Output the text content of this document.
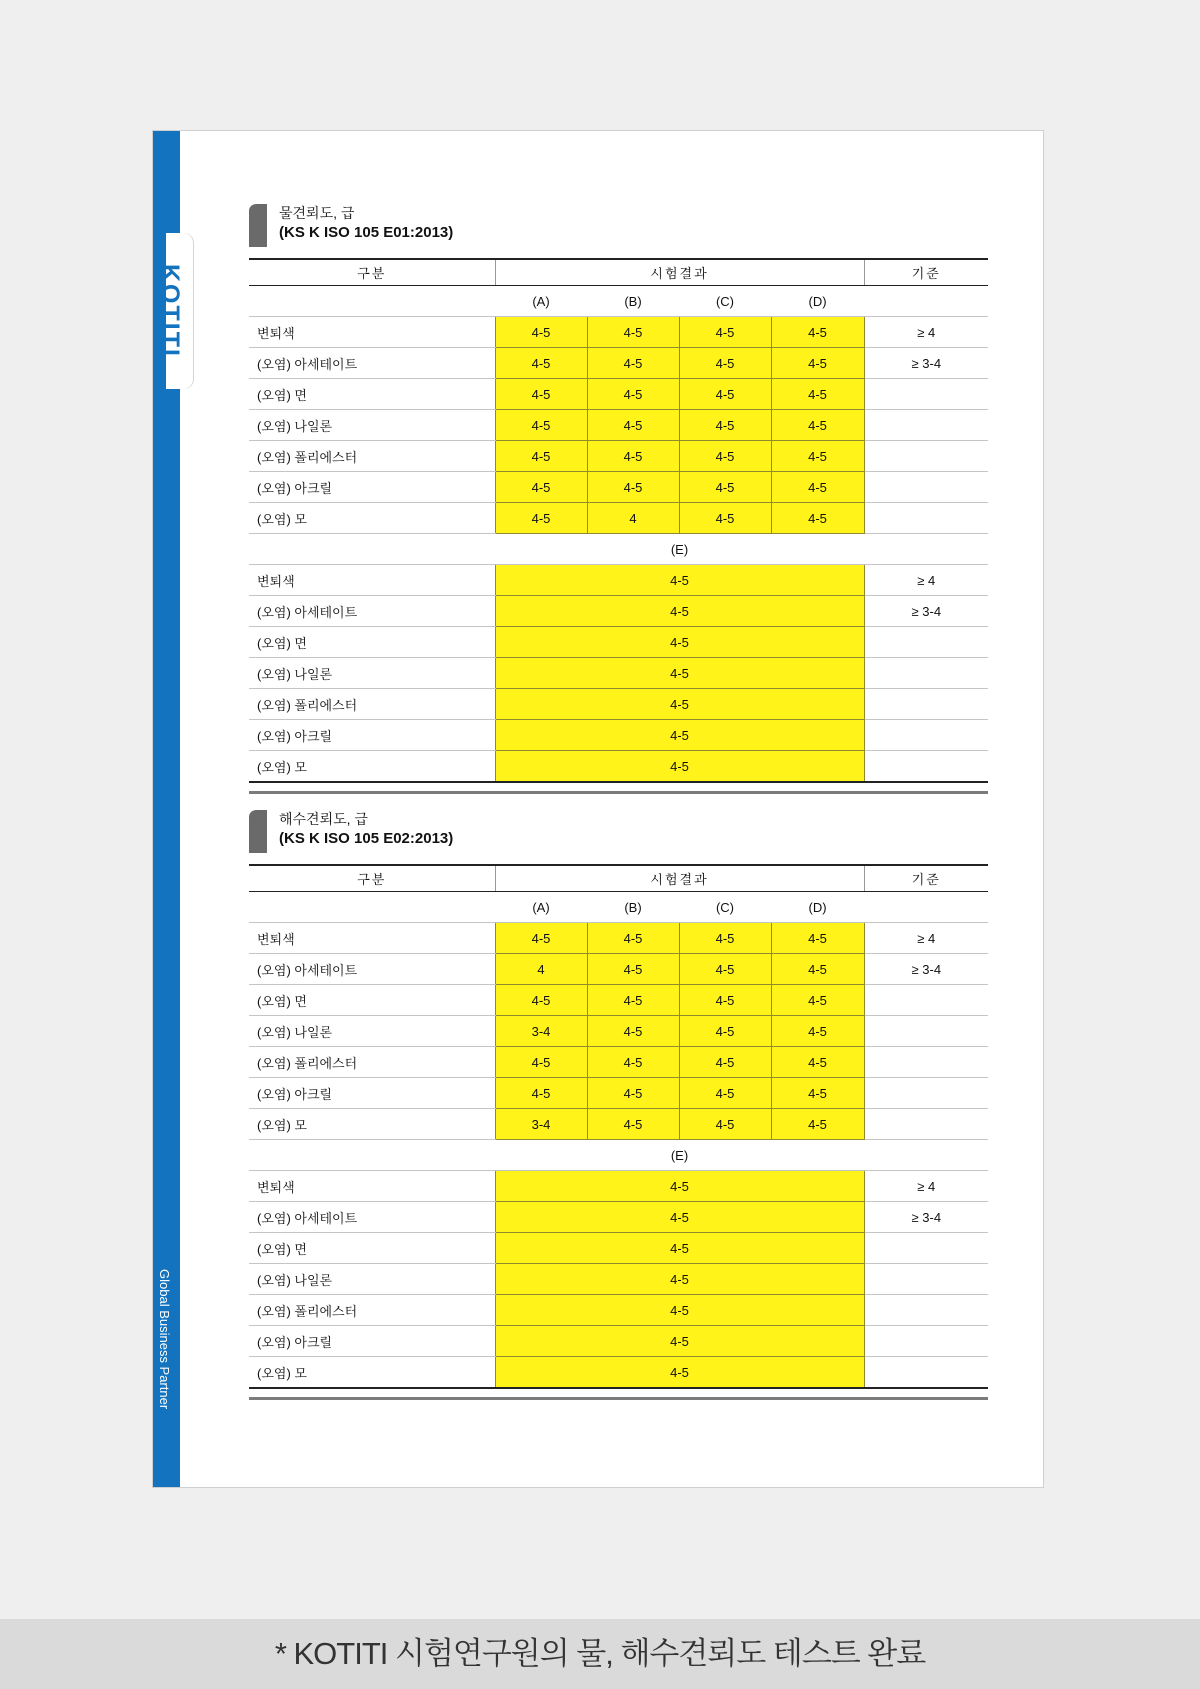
KOTITI
Global Business Partner
물견뢰도, 급
(KS K ISO 105 E01:2013)
구분	시험결과				기준
	(A)	(B)	(C)	(D)	
변퇴색	4-5	4-5	4-5	4-5	≥ 4
(오염) 아세테이트	4-5	4-5	4-5	4-5	≥ 3-4
(오염) 면	4-5	4-5	4-5	4-5	
(오염) 나일론	4-5	4-5	4-5	4-5	
(오염) 폴리에스터	4-5	4-5	4-5	4-5	
(오염) 아크릴	4-5	4-5	4-5	4-5	
(오염) 모	4-5	4	4-5	4-5	
	(E)				
변퇴색	4-5				≥ 4
(오염) 아세테이트	4-5				≥ 3-4
(오염) 면	4-5				
(오염) 나일론	4-5				
(오염) 폴리에스터	4-5				
(오염) 아크릴	4-5				
(오염) 모	4-5				
해수견뢰도, 급
(KS K ISO 105 E02:2013)
구분	시험결과				기준
	(A)	(B)	(C)	(D)	
변퇴색	4-5	4-5	4-5	4-5	≥ 4
(오염) 아세테이트	4	4-5	4-5	4-5	≥ 3-4
(오염) 면	4-5	4-5	4-5	4-5	
(오염) 나일론	3-4	4-5	4-5	4-5	
(오염) 폴리에스터	4-5	4-5	4-5	4-5	
(오염) 아크릴	4-5	4-5	4-5	4-5	
(오염) 모	3-4	4-5	4-5	4-5	
	(E)				
변퇴색	4-5				≥ 4
(오염) 아세테이트	4-5				≥ 3-4
(오염) 면	4-5				
(오염) 나일론	4-5				
(오염) 폴리에스터	4-5				
(오염) 아크릴	4-5				
(오염) 모	4-5				
* KOTITI 시험연구원의 물, 해수견뢰도 테스트 완료
